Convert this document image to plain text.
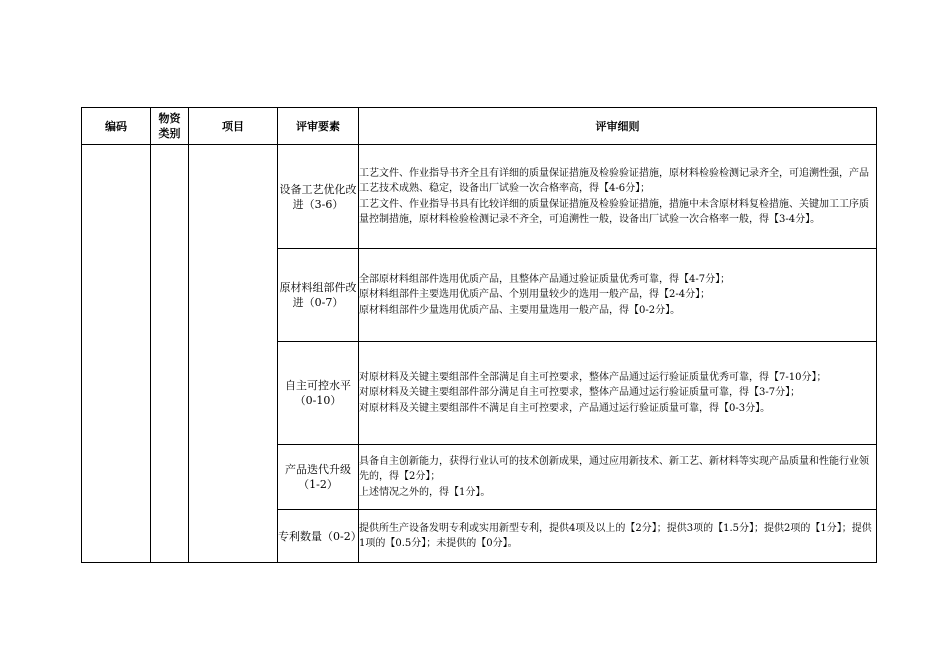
编码	物资类别	项目	评审要素	评审细则
			设备工艺优化改进（3-6）	工艺文件、作业指导书齐全且有详细的质量保证措施及检验验证措施，原材料检验检测记录齐全，可追溯性强，产品工艺技术成熟、稳定，设备出厂试验一次合格率高，得【4-6分】；
工艺文件、作业指导书具有比较详细的质量保证措施及检验验证措施，措施中未含原材料复检措施、关键加工工序质量控制措施，原材料检验检测记录不齐全，可追溯性一般，设备出厂试验一次合格率一般，得【3-4分】。

			原材料组部件改进（0-7）	全部原材料组部件选用优质产品，且整体产品通过验证质量优秀可靠，得【4-7分】；
原材料组部件主要选用优质产品、个别用量较少的选用一般产品，得【2-4分】；
原材料组部件少量选用优质产品、主要用量选用一般产品，得【0-2分】。

			自主可控水平（0-10）	对原材料及关键主要组部件全部满足自主可控要求，整体产品通过运行验证质量优秀可靠，得【7-10分】；
对原材料及关键主要组部件部分满足自主可控要求，整体产品通过运行验证质量可靠，得【3-7分】；
对原材料及关键主要组部件不满足自主可控要求，产品通过运行验证质量可靠，得【0-3分】。

			产品迭代升级（1-2）	具备自主创新能力，获得行业认可的技术创新成果，通过应用新技术、新工艺、新材料等实现产品质量和性能行业领先的，得【2分】；
上述情况之外的，得【1分】。

			专利数量（0-2）	提供所生产设备发明专利或实用新型专利，提供4项及以上的【2分】；提供3项的【1.5分】；提供2项的【1分】；提供1项的【0.5分】；未提供的【0分】。
